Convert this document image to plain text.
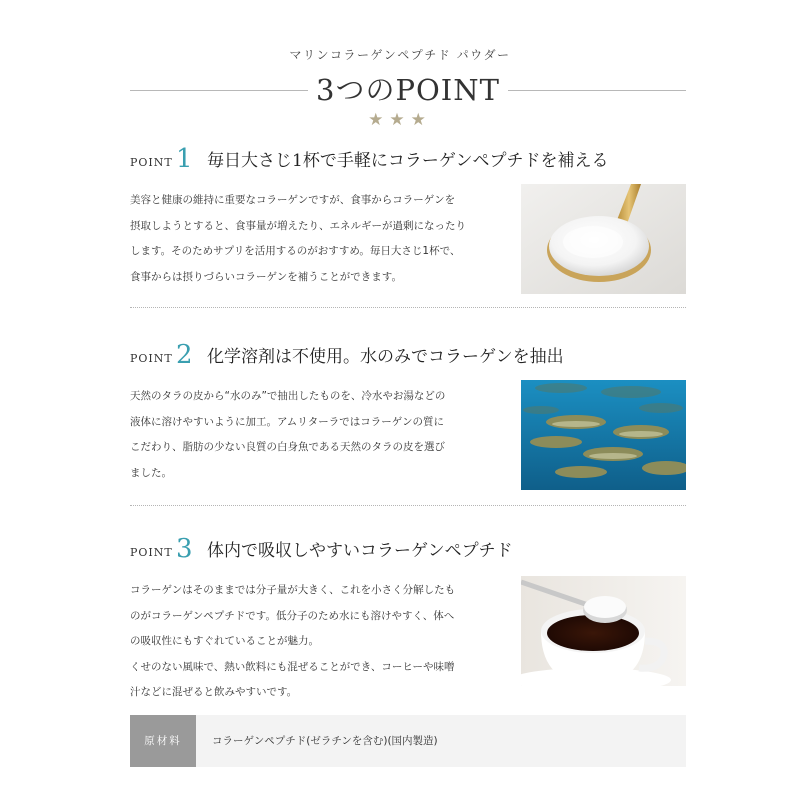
マリンコラーゲンペプチド パウダー
3つのPOINT
★★★
POINT 1 毎日大さじ1杯で手軽にコラーゲンペプチドを補える
美容と健康の維持に重要なコラーゲンですが、食事からコラーゲンを
摂取しようとすると、食事量が増えたり、エネルギーが過剰になったり
します。そのためサプリを活用するのがおすすめ。毎日大さじ1杯で、
食事からは摂りづらいコラーゲンを補うことができます。
POINT 2 化学溶剤は不使用。水のみでコラーゲンを抽出
天然のタラの皮から“水のみ”で抽出したものを、冷水やお湯などの
液体に溶けやすいように加工。アムリターラではコラーゲンの質に
こだわり、脂肪の少ない良質の白身魚である天然のタラの皮を選び
ました。
POINT 3 体内で吸収しやすいコラーゲンペプチド
コラーゲンはそのままでは分子量が大きく、これを小さく分解したも
のがコラーゲンペプチドです。低分子のため水にも溶けやすく、体へ
の吸収性にもすぐれていることが魅力。
くせのない風味で、熱い飲料にも混ぜることができ、コーヒーや味噌
汁などに混ぜると飲みやすいです。
原材料	コラーゲンペプチド(ゼラチンを含む)(国内製造)
